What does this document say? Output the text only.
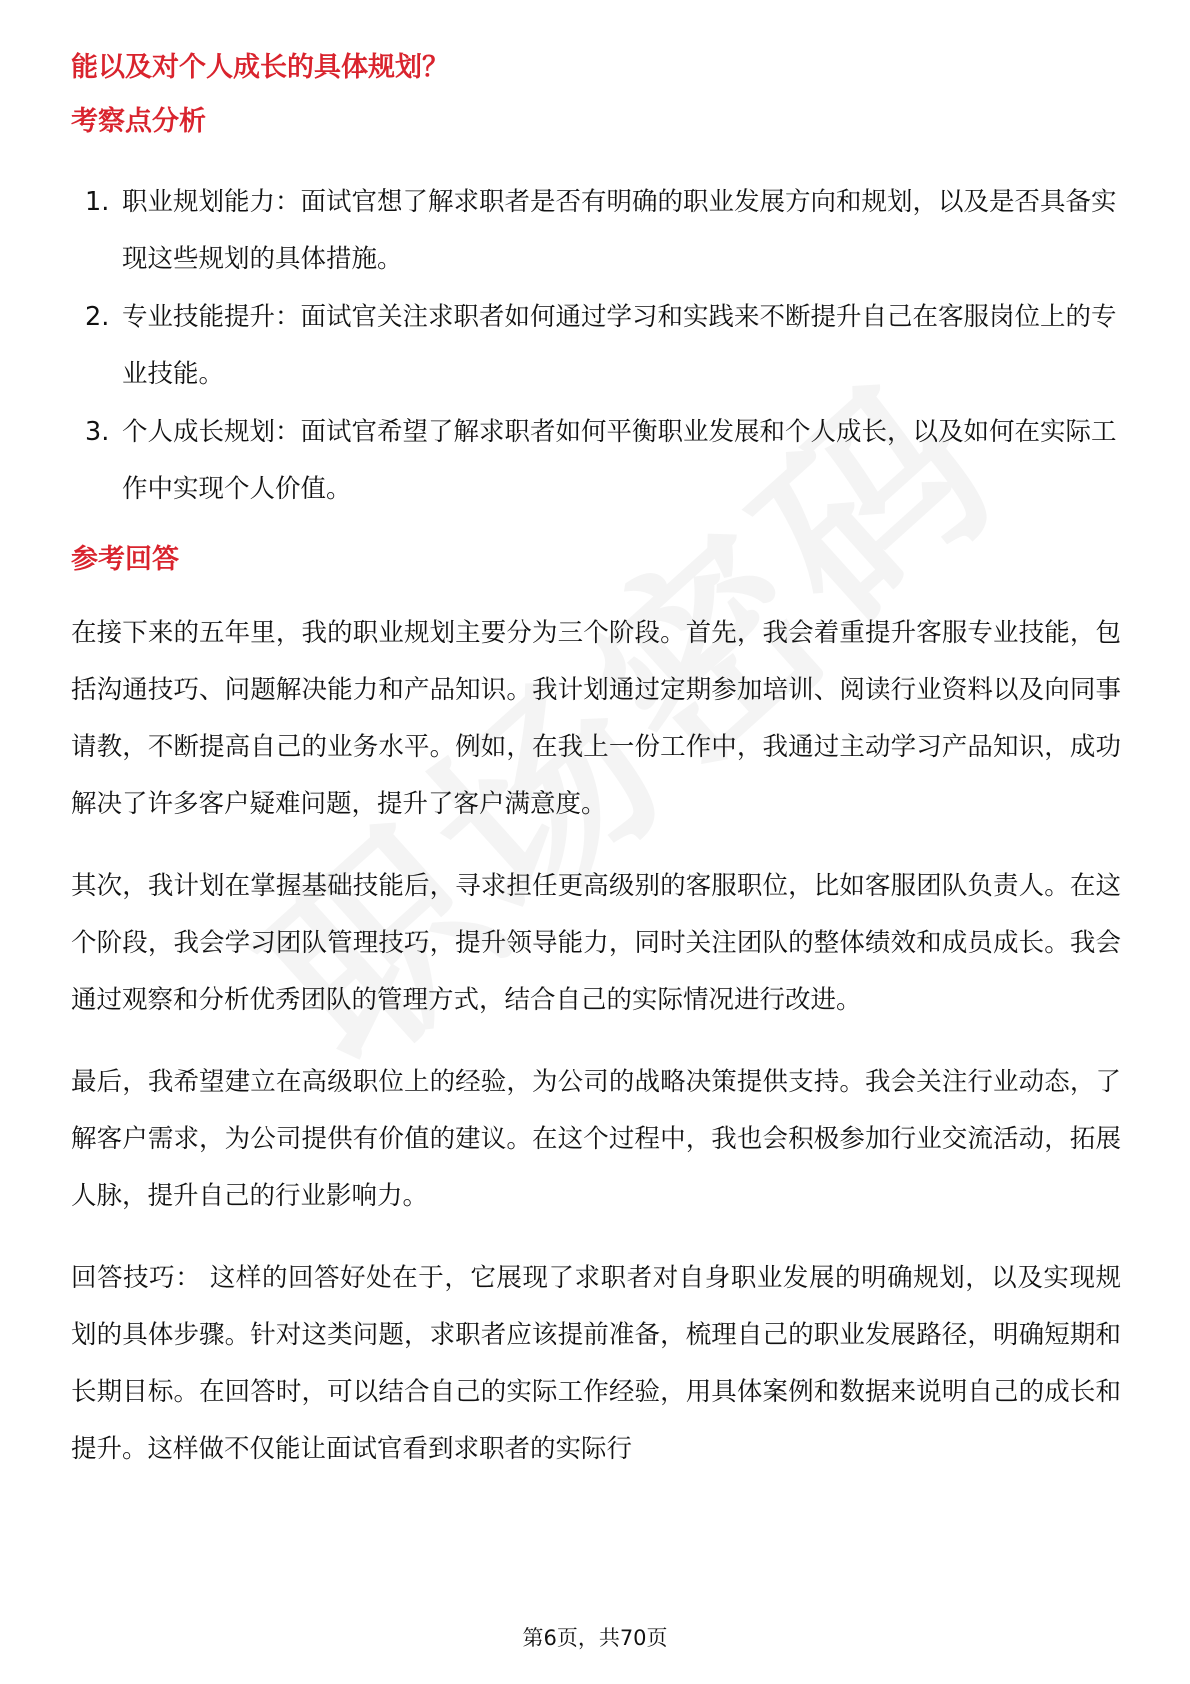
能以及对个人成长的具体规划？

考察点分析

1. 职业规划能力：面试官想了解求职者是否有明确的职业发展方向和规划，以及是否具备实现这些规划的具体措施。
2. 专业技能提升：面试官关注求职者如何通过学习和实践来不断提升自己在客服岗位上的专业技能。
3. 个人成长规划：面试官希望了解求职者如何平衡职业发展和个人成长，以及如何在实际工作中实现个人价值。

参考回答

在接下来的五年里，我的职业规划主要分为三个阶段。首先，我会着重提升客服专业技能，包括沟通技巧、问题解决能力和产品知识。我计划通过定期参加培训、阅读行业资料以及向同事请教，不断提高自己的业务水平。例如，在我上一份工作中，我通过主动学习产品知识，成功解决了许多客户疑难问题，提升了客户满意度。

其次，我计划在掌握基础技能后，寻求担任更高级别的客服职位，比如客服团队负责人。在这个阶段，我会学习团队管理技巧，提升领导能力，同时关注团队的整体绩效和成员成长。我会通过观察和分析优秀团队的管理方式，结合自己的实际情况进行改进。

最后，我希望建立在高级职位上的经验，为公司的战略决策提供支持。我会关注行业动态，了解客户需求，为公司提供有价值的建议。在这个过程中，我也会积极参加行业交流活动，拓展人脉，提升自己的行业影响力。

回答技巧： 这样的回答好处在于，它展现了求职者对自身职业发展的明确规划，以及实现规划的具体步骤。针对这类问题，求职者应该提前准备，梳理自己的职业发展路径，明确短期和长期目标。在回答时，可以结合自己的实际工作经验，用具体案例和数据来说明自己的成长和提升。这样做不仅能让面试官看到求职者的实际行

第6页，共70页
